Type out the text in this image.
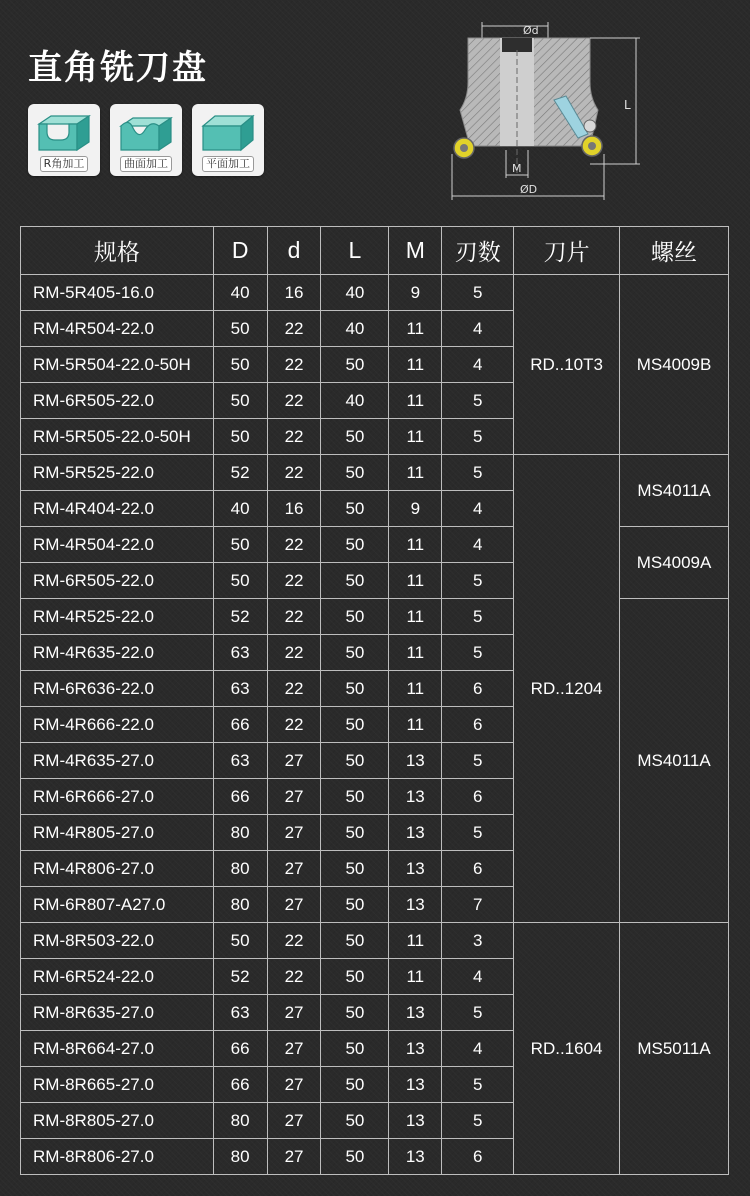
直角铣刀盘
R角加工	曲面加工	平面加工
Ød
L
M
ØD
规格	D	d	L	M	刃数	刀片	螺丝
RM-5R405-16.0	40	16	40	9	5	RD..10T3	MS4009B
RM-4R504-22.0	50	22	40	11	4		
RM-5R504-22.0-50H	50	22	50	11	4		
RM-6R505-22.0	50	22	40	11	5		
RM-5R505-22.0-50H	50	22	50	11	5		
RM-5R525-22.0	52	22	50	11	5	RD..1204	MS4011A
RM-4R404-22.0	40	16	50	9	4		
RM-4R504-22.0	50	22	50	11	4		MS4009A
RM-6R505-22.0	50	22	50	11	5		
RM-4R525-22.0	52	22	50	11	5		MS4011A
RM-4R635-22.0	63	22	50	11	5		
RM-6R636-22.0	63	22	50	11	6		
RM-4R666-22.0	66	22	50	11	6		
RM-4R635-27.0	63	27	50	13	5		
RM-6R666-27.0	66	27	50	13	6		
RM-4R805-27.0	80	27	50	13	5		
RM-4R806-27.0	80	27	50	13	6		
RM-6R807-A27.0	80	27	50	13	7		
RM-8R503-22.0	50	22	50	11	3	RD..1604	MS5011A
RM-6R524-22.0	52	22	50	11	4		
RM-8R635-27.0	63	27	50	13	5		
RM-8R664-27.0	66	27	50	13	4		
RM-8R665-27.0	66	27	50	13	5		
RM-8R805-27.0	80	27	50	13	5		
RM-8R806-27.0	80	27	50	13	6		
